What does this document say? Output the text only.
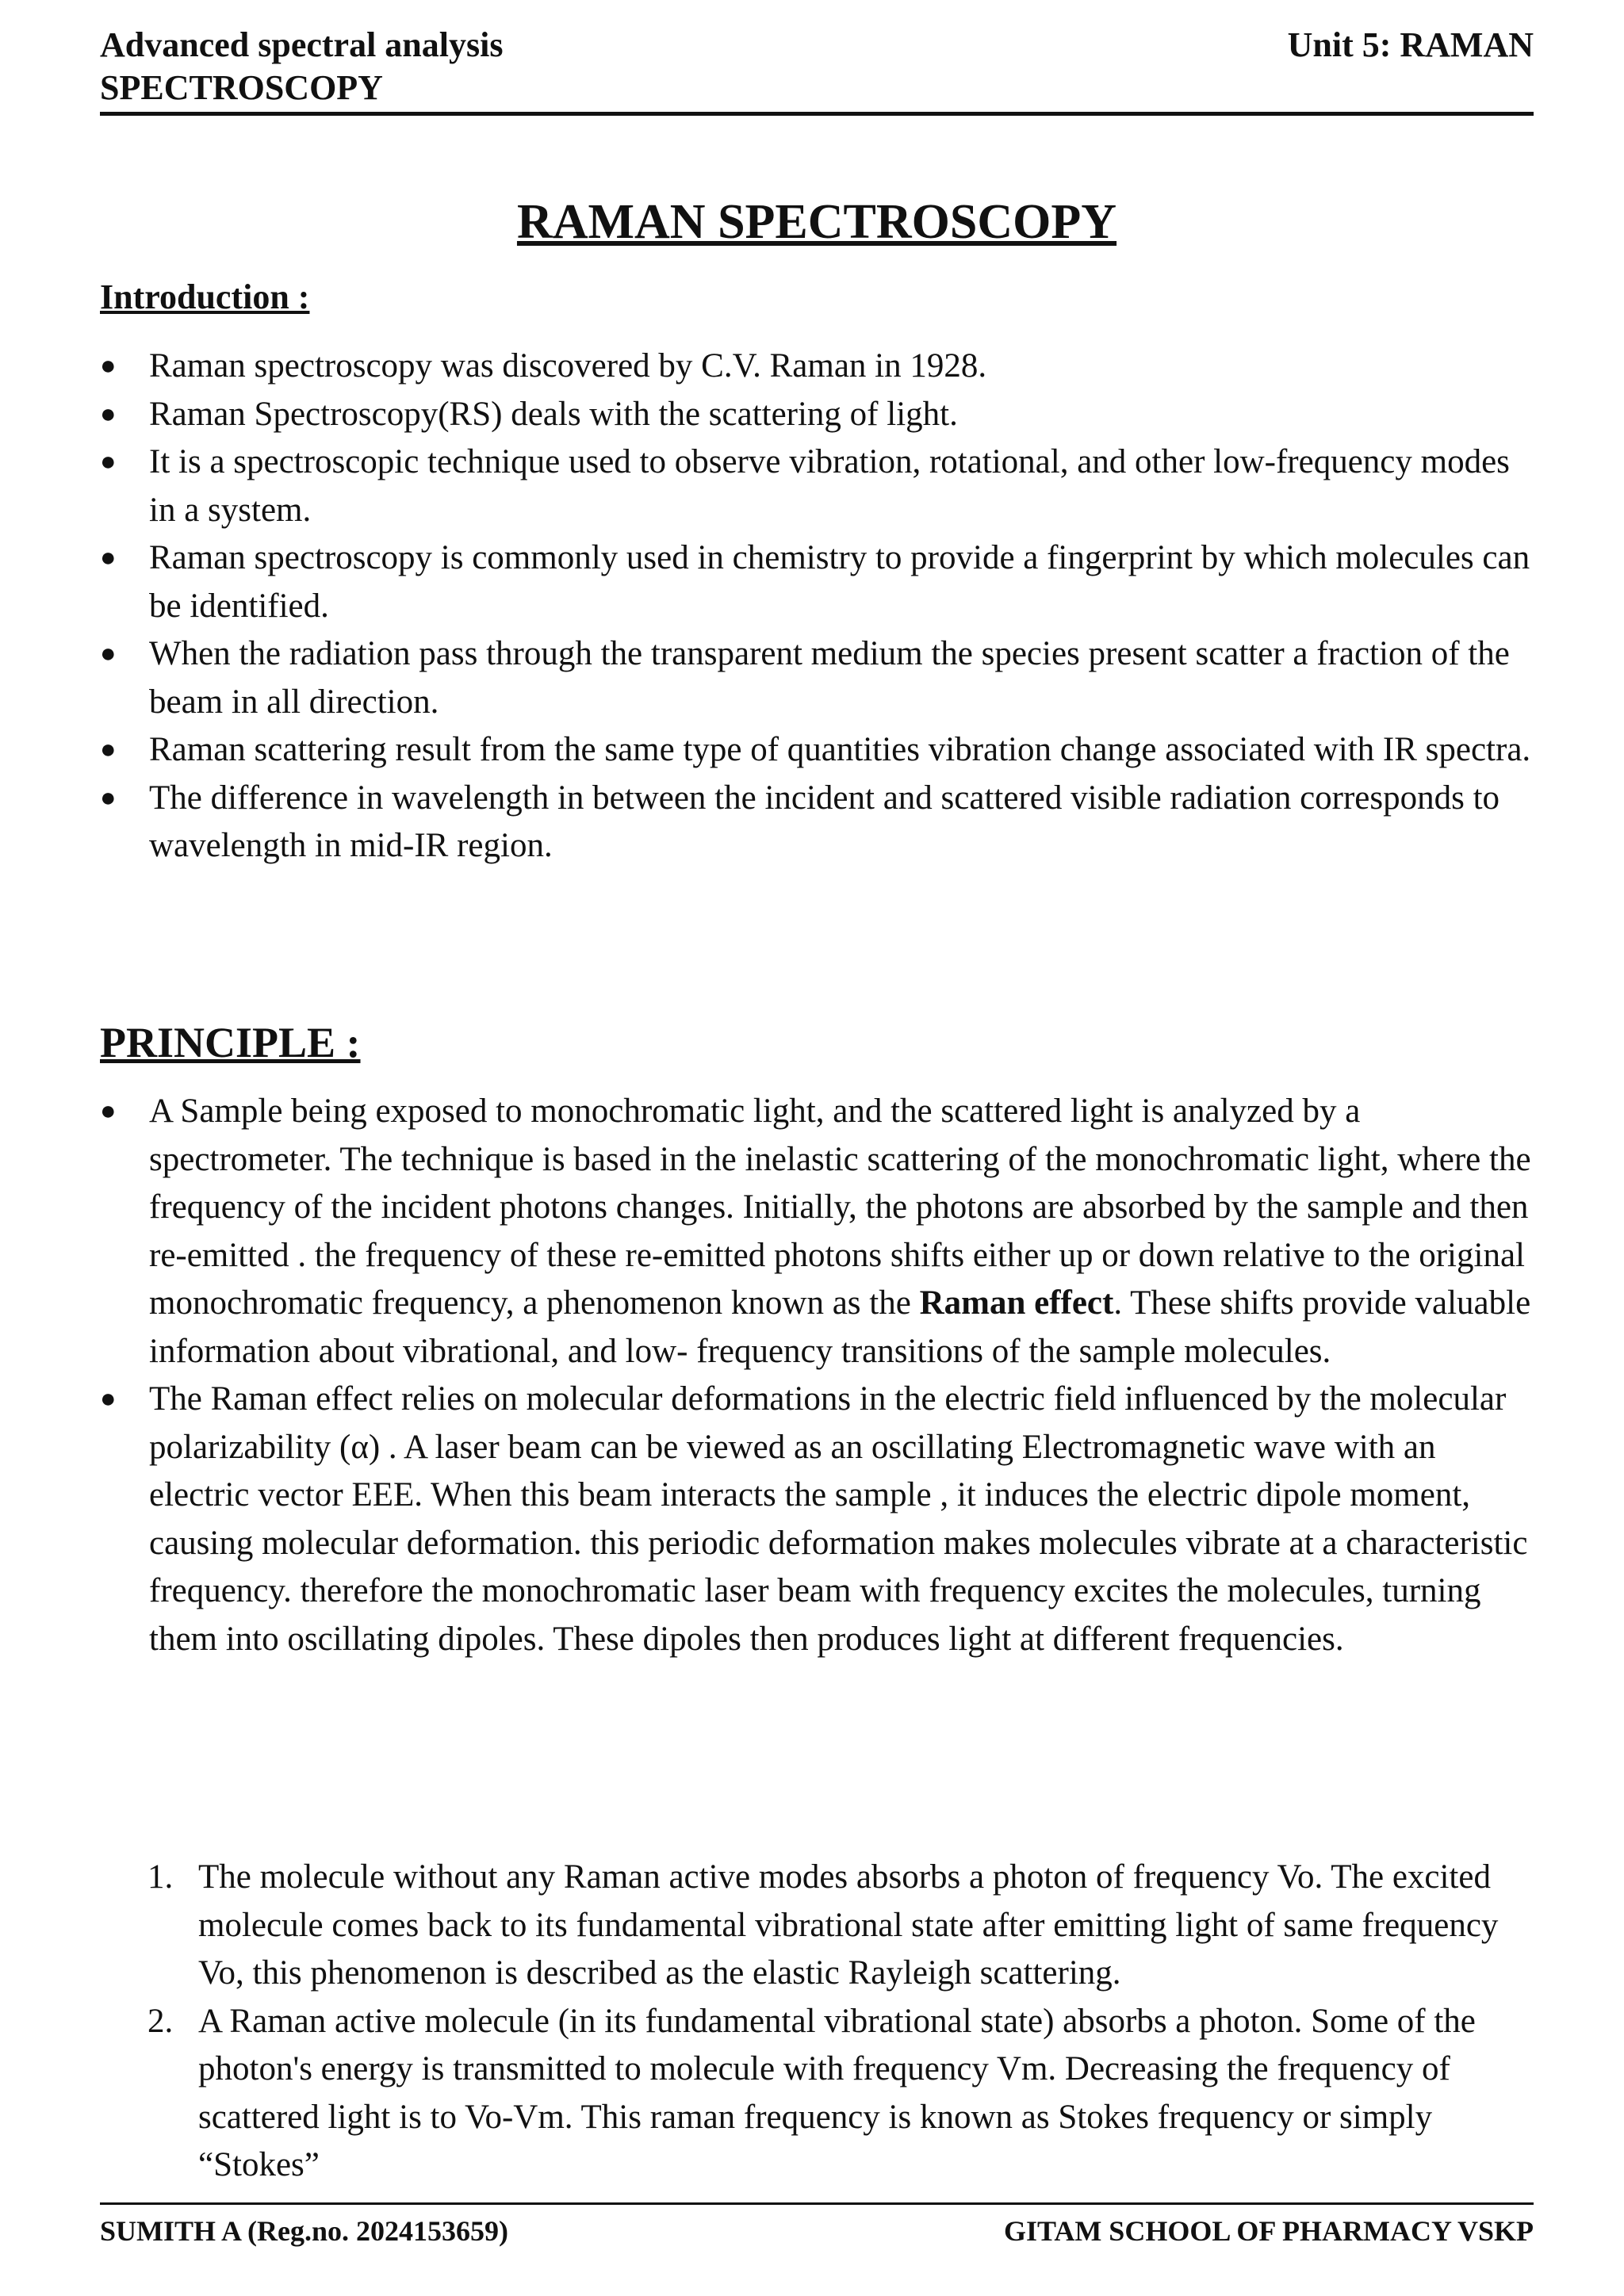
Advanced spectral analysis
SPECTROSCOPY
Unit 5: RAMAN
RAMAN SPECTROSCOPY
Introduction :
● Raman spectroscopy was discovered by C.V. Raman in 1928.
● Raman Spectroscopy(RS) deals with the scattering of light.
● It is a spectroscopic technique used to observe vibration, rotational, and other low-frequency modes in a system.
● Raman spectroscopy is commonly used in chemistry to provide a fingerprint by which molecules can be identified.
● When the radiation pass through the transparent medium the species present scatter a fraction of the beam in all direction.
● Raman scattering result from the same type of quantities vibration change associated with IR spectra.
● The difference in wavelength in between the incident and scattered visible radiation corresponds to wavelength in mid-IR region.
PRINCIPLE :
● A Sample being exposed to monochromatic light, and the scattered light is analyzed by a spectrometer. The technique is based in the inelastic scattering of the monochromatic light, where the frequency of the incident photons changes. Initially, the photons are absorbed by the sample and then re-emitted . the frequency of these re-emitted photons shifts either up or down relative to the original monochromatic frequency, a phenomenon known as the Raman effect. These shifts provide valuable information about vibrational, and low- frequency transitions of the sample molecules.
● The Raman effect relies on molecular deformations in the electric field influenced by the molecular polarizability (α) . A laser beam can be viewed as an oscillating Electromagnetic wave with an electric vector EEE. When this beam interacts the sample , it induces the electric dipole moment, causing molecular deformation. this periodic deformation makes molecules vibrate at a characteristic frequency. therefore the monochromatic laser beam with frequency excites the molecules, turning them into oscillating dipoles. These dipoles then produces light at different frequencies.
1. The molecule without any Raman active modes absorbs a photon of frequency Vo. The excited molecule comes back to its fundamental vibrational state after emitting light of same frequency Vo, this phenomenon is described as the elastic Rayleigh scattering.
2. A Raman active molecule (in its fundamental vibrational state) absorbs a photon. Some of the photon's energy is transmitted to molecule with frequency Vm. Decreasing the frequency of scattered light is to Vo-Vm. This raman frequency is known as Stokes frequency or simply “Stokes”
SUMITH A (Reg.no. 2024153659)	GITAM SCHOOL OF PHARMACY VSKP
